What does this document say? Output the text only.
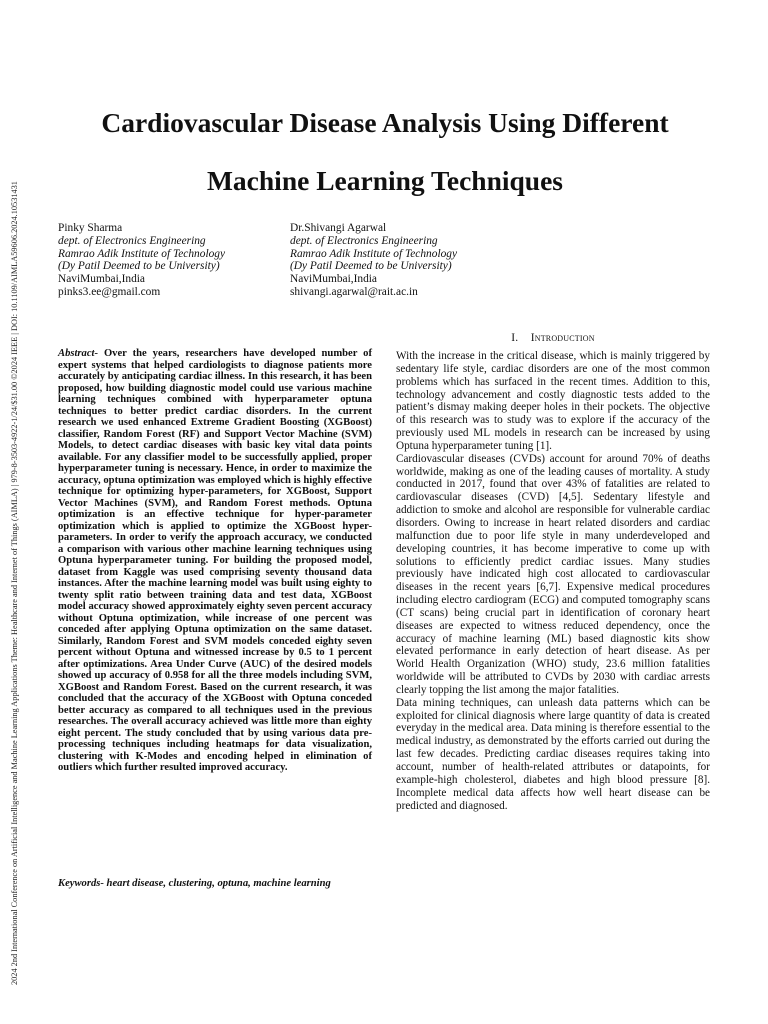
2024 2nd International Conference on Artificial Intelligence and Machine Learning Applications Theme: Healthcare and Internet of Things (AIMLA) | 979-8-3503-4922-1/24/$31.00 ©2024 IEEE | DOI: 10.1109/AIMLA59606.2024.10531431
Cardiovascular Disease Analysis Using Different
Machine Learning Techniques
Pinky Sharma
dept. of Electronics Engineering
Ramrao Adik Institute of Technology
(Dy Patil Deemed to be University)
NaviMumbai,India
pinks3.ee@gmail.com
Dr.Shivangi Agarwal
dept. of Electronics Engineering
Ramrao Adik Institute of Technology
(Dy Patil Deemed to be University)
NaviMumbai,India
shivangi.agarwal@rait.ac.in

Abstract- Over the years, researchers have developed number of expert systems that helped cardiologists to diagnose patients more accurately by anticipating cardiac illness. In this research, it has been proposed, how building diagnostic model could use various machine learning techniques combined with hyperparameter optuna techniques to better predict cardiac disorders. In the current research we used enhanced Extreme Gradient Boosting (XGBoost) classifier, Random Forest (RF) and Support Vector Machine (SVM) Models, to detect cardiac diseases with basic key vital data points available. For any classifier model to be successfully applied, proper hyperparameter tuning is necessary. Hence, in order to maximize the accuracy, optuna optimization was employed which is highly effective technique for optimizing hyper-parameters, for XGBoost, Support Vector Machines (SVM), and Random Forest methods. Optuna optimization is an effective technique for hyper-parameter optimization which is applied to optimize the XGBoost hyper-parameters. In order to verify the approach accuracy, we conducted a comparison with various other machine learning techniques using Optuna hyperparameter tuning. For building the proposed model, dataset from Kaggle was used comprising seventy thousand data instances. After the machine learning model was built using eighty to twenty split ratio between training data and test data, XGBoost model accuracy showed approximately eighty seven percent accuracy without Optuna optimization, while increase of one percent was conceded after applying Optuna optimization on the same dataset. Similarly, Random Forest and SVM models conceded eighty seven percent without Optuna and witnessed increase by 0.5 to 1 percent after optimizations. Area Under Curve (AUC) of the desired models showed up accuracy of 0.958 for all the three models including SVM, XGBoost and Random Forest. Based on the current research, it was concluded that the accuracy of the XGBoost with Optuna conceded better accuracy as compared to all techniques used in the previous researches. The overall accuracy achieved was little more than eighty eight percent. The study concluded that by using various data pre-processing techniques including heatmaps for data visualization, clustering with K-Modes and encoding helped in elimination of outliers which further resulted improved accuracy.

Keywords- heart disease, clustering, optuna, machine learning

I. Introduction

With the increase in the critical disease, which is mainly triggered by sedentary life style, cardiac disorders are one of the most common problems which has surfaced in the recent times. Addition to this, technology advancement and costly diagnostic tests added to the patient’s dismay making deeper holes in their pockets. The objective of this research was to study was to explore if the accuracy of the previously used ML models in research can be increased by using Optuna hyperparameter tuning [1].

Cardiovascular diseases (CVDs) account for around 70% of deaths worldwide, making as one of the leading causes of mortality. A study conducted in 2017, found that over 43% of fatalities are related to cardiovascular diseases (CVD) [4,5]. Sedentary lifestyle and addiction to smoke and alcohol are responsible for vulnerable cardiac disorders. Owing to increase in heart related disorders and cardiac malfunction due to poor life style in many underdeveloped and developing countries, it has become imperative to come up with solutions to efficiently predict cardiac issues. Many studies previously have indicated high cost allocated to cardiovascular diseases in the recent years [6,7]. Expensive medical procedures including electro cardiogram (ECG) and computed tomography scans (CT scans) being crucial part in identification of coronary heart diseases are expected to witness reduced dependency, once the accuracy of machine learning (ML) based diagnostic kits show elevated performance in early detection of heart disease. As per World Health Organization (WHO) study, 23.6 million fatalities worldwide will be attributed to CVDs by 2030 with cardiac arrests clearly topping the list among the major fatalities.

Data mining techniques, can unleash data patterns which can be exploited for clinical diagnosis where large quantity of data is created everyday in the medical area. Data mining is therefore essential to the medical industry, as demonstrated by the efforts carried out during the last few decades. Predicting cardiac diseases requires taking into account, number of health-related attributes or datapoints, for example-high cholesterol, diabetes and high blood pressure [8]. Incomplete medical data affects how well heart disease can be predicted and diagnosed.
